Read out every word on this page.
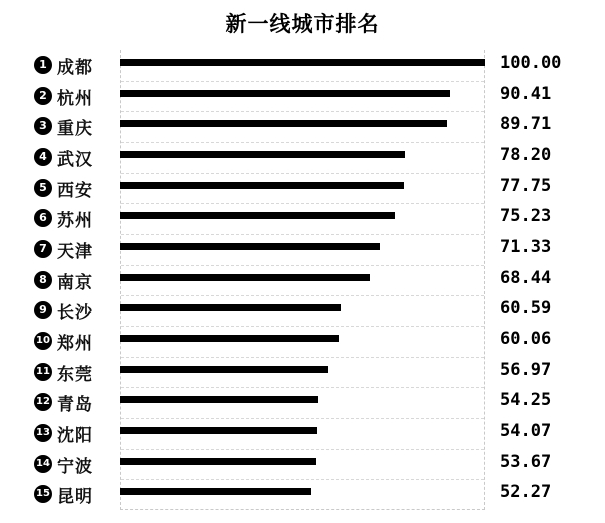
新一线城市排名
1 成都	100.00
2 杭州	90.41
3 重庆	89.71
4 武汉	78.20
5 西安	77.75
6 苏州	75.23
7 天津	71.33
8 南京	68.44
9 长沙	60.59
10 郑州	60.06
11 东莞	56.97
12 青岛	54.25
13 沈阳	54.07
14 宁波	53.67
15 昆明	52.27
